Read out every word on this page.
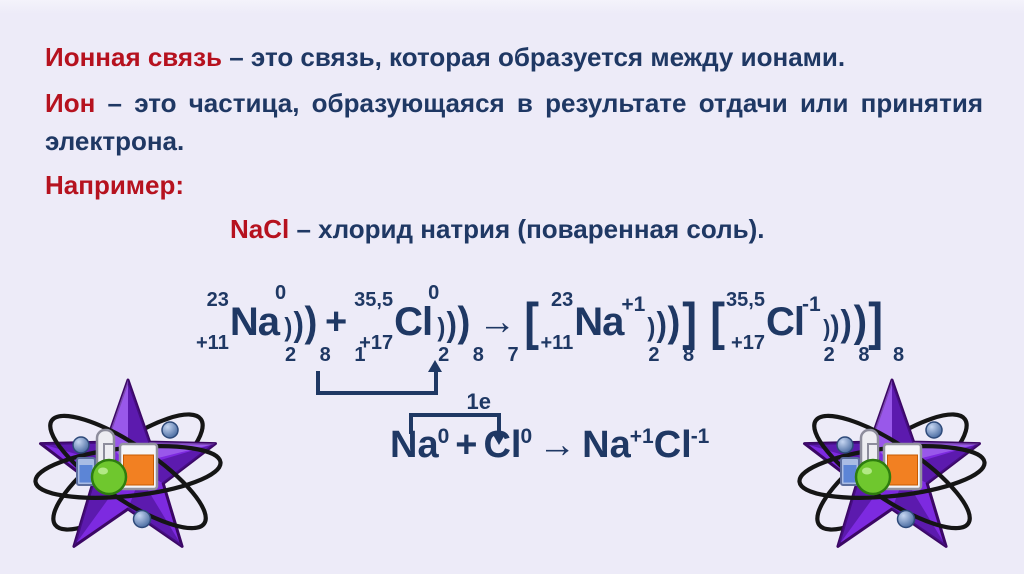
Ионная связь – это связь, которая образуется между ионами.
Ион – это частица, образующаяся в результате отдачи или принятия электрона.
Например:
NaCl – хлорид натрия (поваренная соль).
23
+11 Na
0
)))
2 8 1
+
35,5
+17 Cl
0
)))
2 8 7
→ [ 23
+11 Na
+1
)))
2 8
] [ 35,5
+17 Cl
-1
))))
2 8 8
]
1e
$Na^0 + Cl^0 \to Na^{+1}Cl^{-1}$
